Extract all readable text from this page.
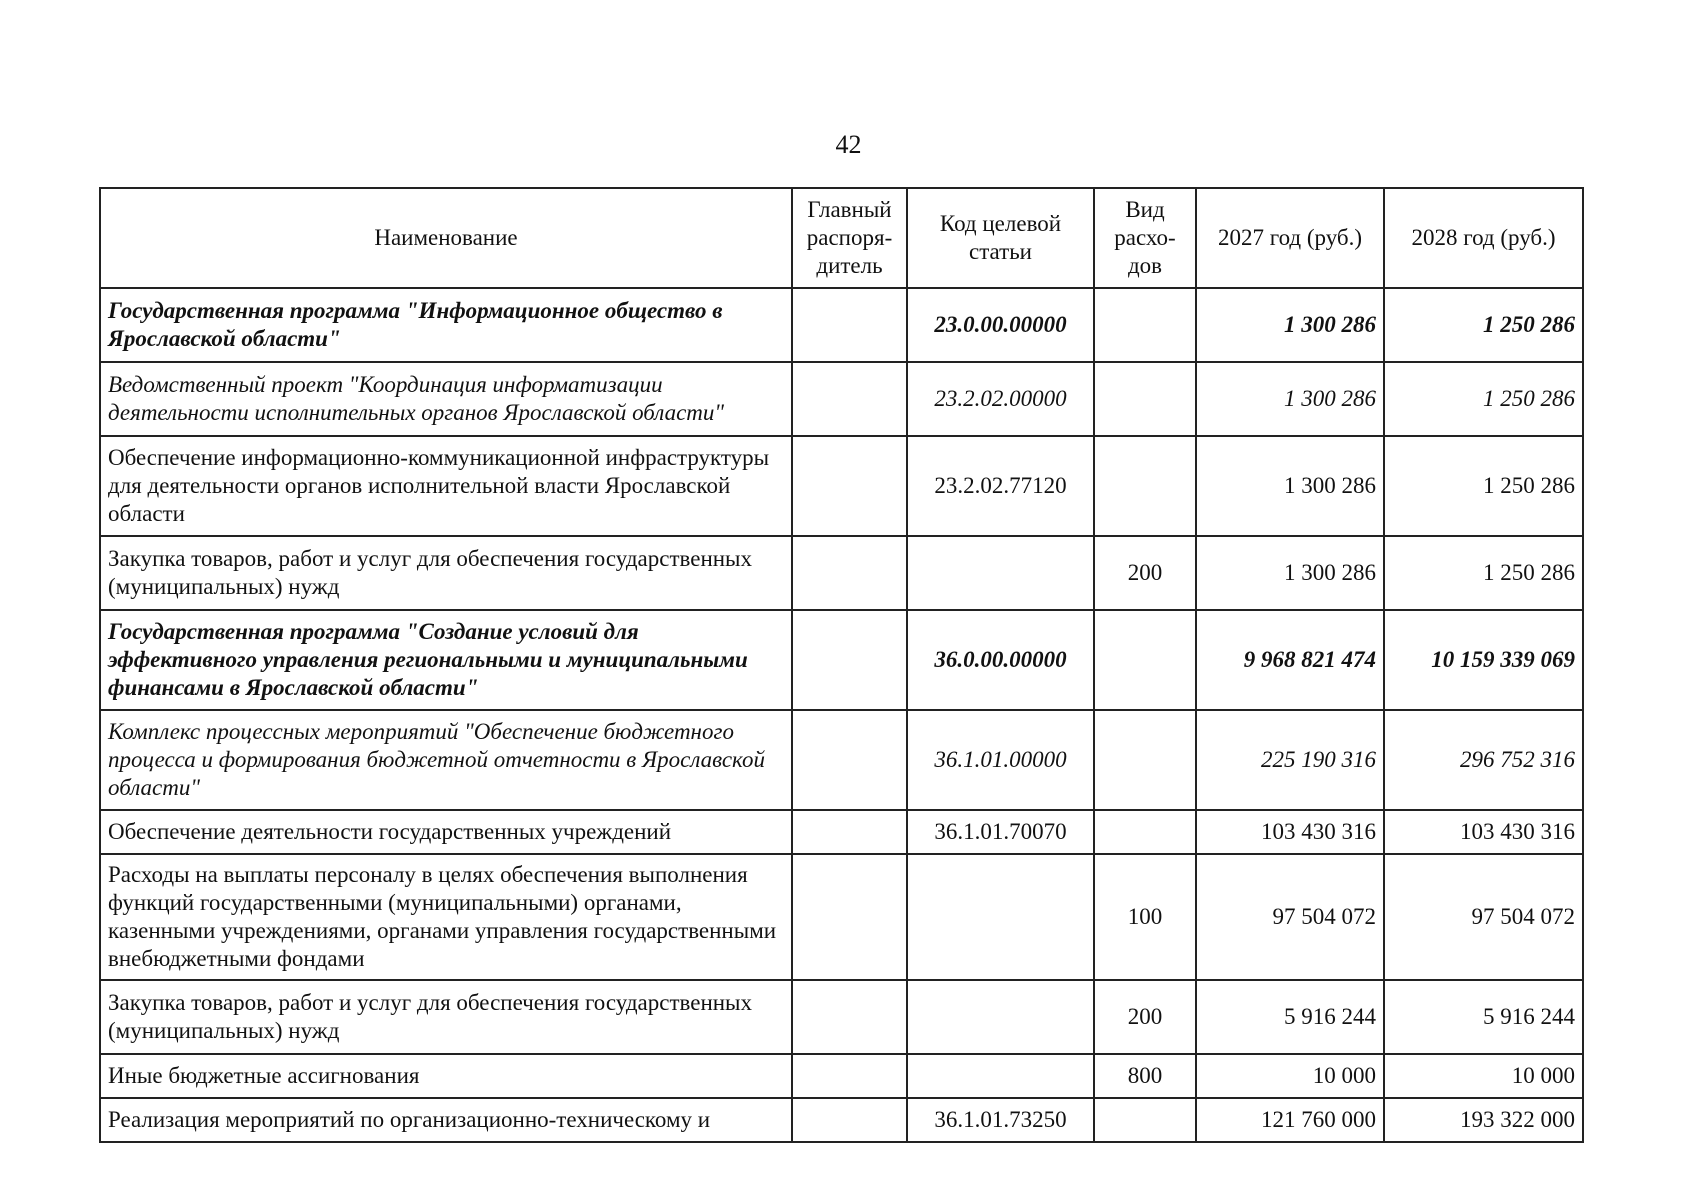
42
Наименование	Главный распоря-дитель	Код целевой статьи	Вид расхо-дов	2027 год (руб.)	2028 год (руб.)
Государственная программа "Информационное общество в Ярославской области"		23.0.00.00000		1 300 286	1 250 286
Ведомственный проект "Координация информатизации деятельности исполнительных органов Ярославской области"		23.2.02.00000		1 300 286	1 250 286
Обеспечение информационно-коммуникационной инфраструктуры для деятельности органов исполнительной власти Ярославской области		23.2.02.77120		1 300 286	1 250 286
Закупка товаров, работ и услуг для обеспечения государственных (муниципальных) нужд			200	1 300 286	1 250 286
Государственная программа "Создание условий для эффективного управления региональными и муниципальными финансами в Ярославской области"		36.0.00.00000		9 968 821 474	10 159 339 069
Комплекс процессных мероприятий "Обеспечение бюджетного процесса и формирования бюджетной отчетности в Ярославской области"		36.1.01.00000		225 190 316	296 752 316
Обеспечение деятельности государственных учреждений		36.1.01.70070		103 430 316	103 430 316
Расходы на выплаты персоналу в целях обеспечения выполнения функций государственными (муниципальными) органами, казенными учреждениями, органами управления государственными внебюджетными фондами			100	97 504 072	97 504 072
Закупка товаров, работ и услуг для обеспечения государственных (муниципальных) нужд			200	5 916 244	5 916 244
Иные бюджетные ассигнования			800	10 000	10 000
Реализация мероприятий по организационно-техническому и		36.1.01.73250		121 760 000	193 322 000
